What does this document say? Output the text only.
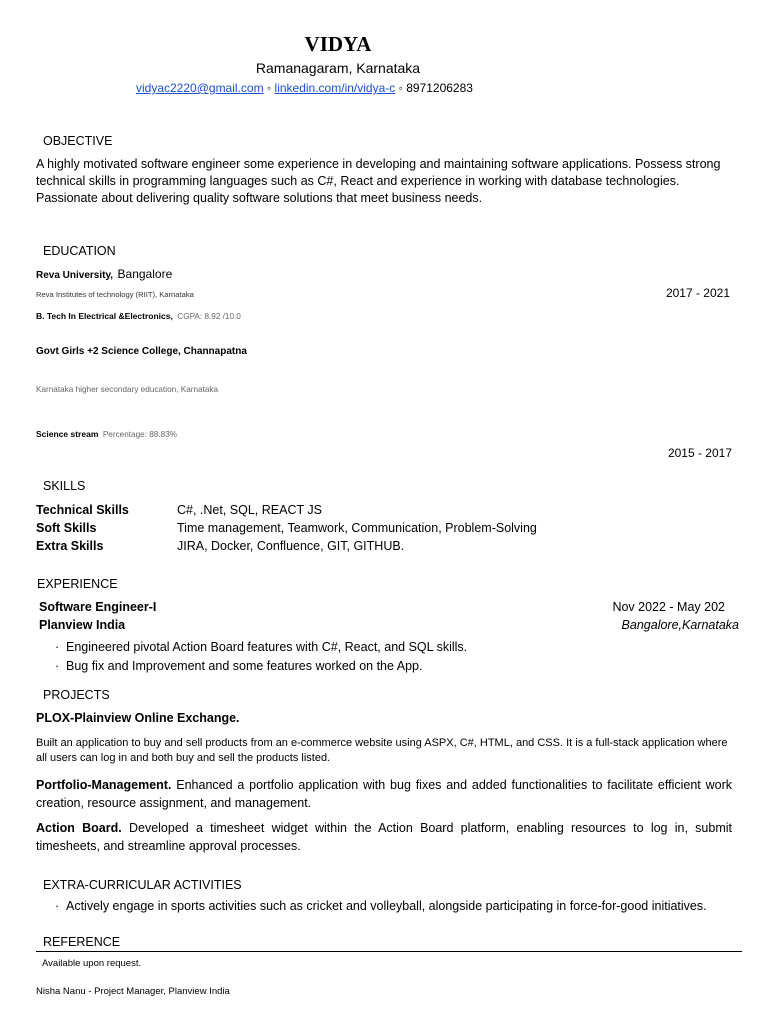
VIDYA
Ramanagaram, Karnataka
vidyac2220@gmail.com ◦ linkedin.com/in/vidya-c ◦ 8971206283
OBJECTIVE
A highly motivated software engineer some experience in developing and maintaining software applications. Possess strong technical skills in programming languages such as C#, React and experience in working with database technologies. Passionate about delivering quality software solutions that meet business needs.
EDUCATION
Reva University, Bangalore
Reva Institutes of technology (RIIT), Karnataka
B. Tech In Electrical &Electronics, CGPA: 8.92 /10.0
2017 - 2021
Govt Girls +2 Science College, Channapatna
Karnataka higher secondary education, Karnataka
Science stream Percentage: 88.83%
2015 - 2017
SKILLS
Technical Skills	C#, .Net, SQL, REACT JS
Soft Skills	Time management, Teamwork, Communication, Problem-Solving
Extra Skills	JIRA, Docker, Confluence, GIT, GITHUB.
EXPERIENCE
Software Engineer-I	Nov 2022 - May 202
Planview India	Bangalore,Karnataka
· Engineered pivotal Action Board features with C#, React, and SQL skills.
· Bug fix and Improvement and some features worked on the App.
PROJECTS
PLOX-Plainview Online Exchange.
Built an application to buy and sell products from an e-commerce website using ASPX, C#, HTML, and CSS. It is a full-stack application where all users can log in and both buy and sell the products listed.
Portfolio-Management. Enhanced a portfolio application with bug fixes and added functionalities to facilitate efficient work creation, resource assignment, and management.
Action Board. Developed a timesheet widget within the Action Board platform, enabling resources to log in, submit timesheets, and streamline approval processes.
EXTRA-CURRICULAR ACTIVITIES
· Actively engage in sports activities such as cricket and volleyball, alongside participating in force-for-good initiatives.
REFERENCE
Available upon request.
Nisha Nanu - Project Manager, Planview India
